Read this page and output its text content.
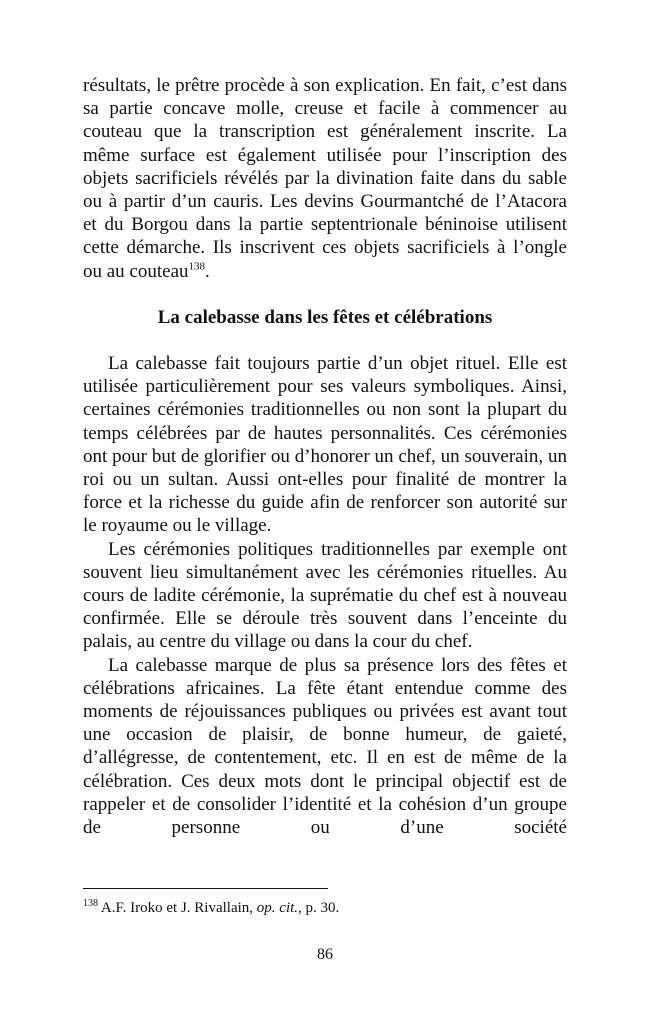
résultats, le prêtre procède à son explication. En fait, c’est dans sa partie concave molle, creuse et facile à commencer au couteau que la transcription est généralement inscrite. La même surface est également utilisée pour l’inscription des objets sacrificiels révélés par la divination faite dans du sable ou à partir d’un cauris. Les devins Gourmantché de l’Atacora et du Borgou dans la partie septentrionale béninoise utilisent cette démarche. Ils inscrivent ces objets sacrificiels à l’ongle ou au couteau$^{138}$.

La calebasse dans les fêtes et célébrations

La calebasse fait toujours partie d’un objet rituel. Elle est utilisée particulièrement pour ses valeurs symboliques. Ainsi, certaines cérémonies traditionnelles ou non sont la plupart du temps célébrées par de hautes personnalités. Ces cérémonies ont pour but de glorifier ou d’honorer un chef, un souverain, un roi ou un sultan. Aussi ont-elles pour finalité de montrer la force et la richesse du guide afin de renforcer son autorité sur le royaume ou le village.

Les cérémonies politiques traditionnelles par exemple ont souvent lieu simultanément avec les cérémonies rituelles. Au cours de ladite cérémonie, la suprématie du chef est à nouveau confirmée. Elle se déroule très souvent dans l’enceinte du palais, au centre du village ou dans la cour du chef.

La calebasse marque de plus sa présence lors des fêtes et célébrations africaines. La fête étant entendue comme des moments de réjouissances publiques ou privées est avant tout une occasion de plaisir, de bonne humeur, de gaieté, d’allégresse, de contentement, etc. Il en est de même de la célébration. Ces deux mots dont le principal objectif est de rappeler et de consolider l’identité et la cohésion d’un groupe de personne ou d’une société

$^{138}$ A.F. Iroko et J. Rivallain, op. cit., p. 30.

86
